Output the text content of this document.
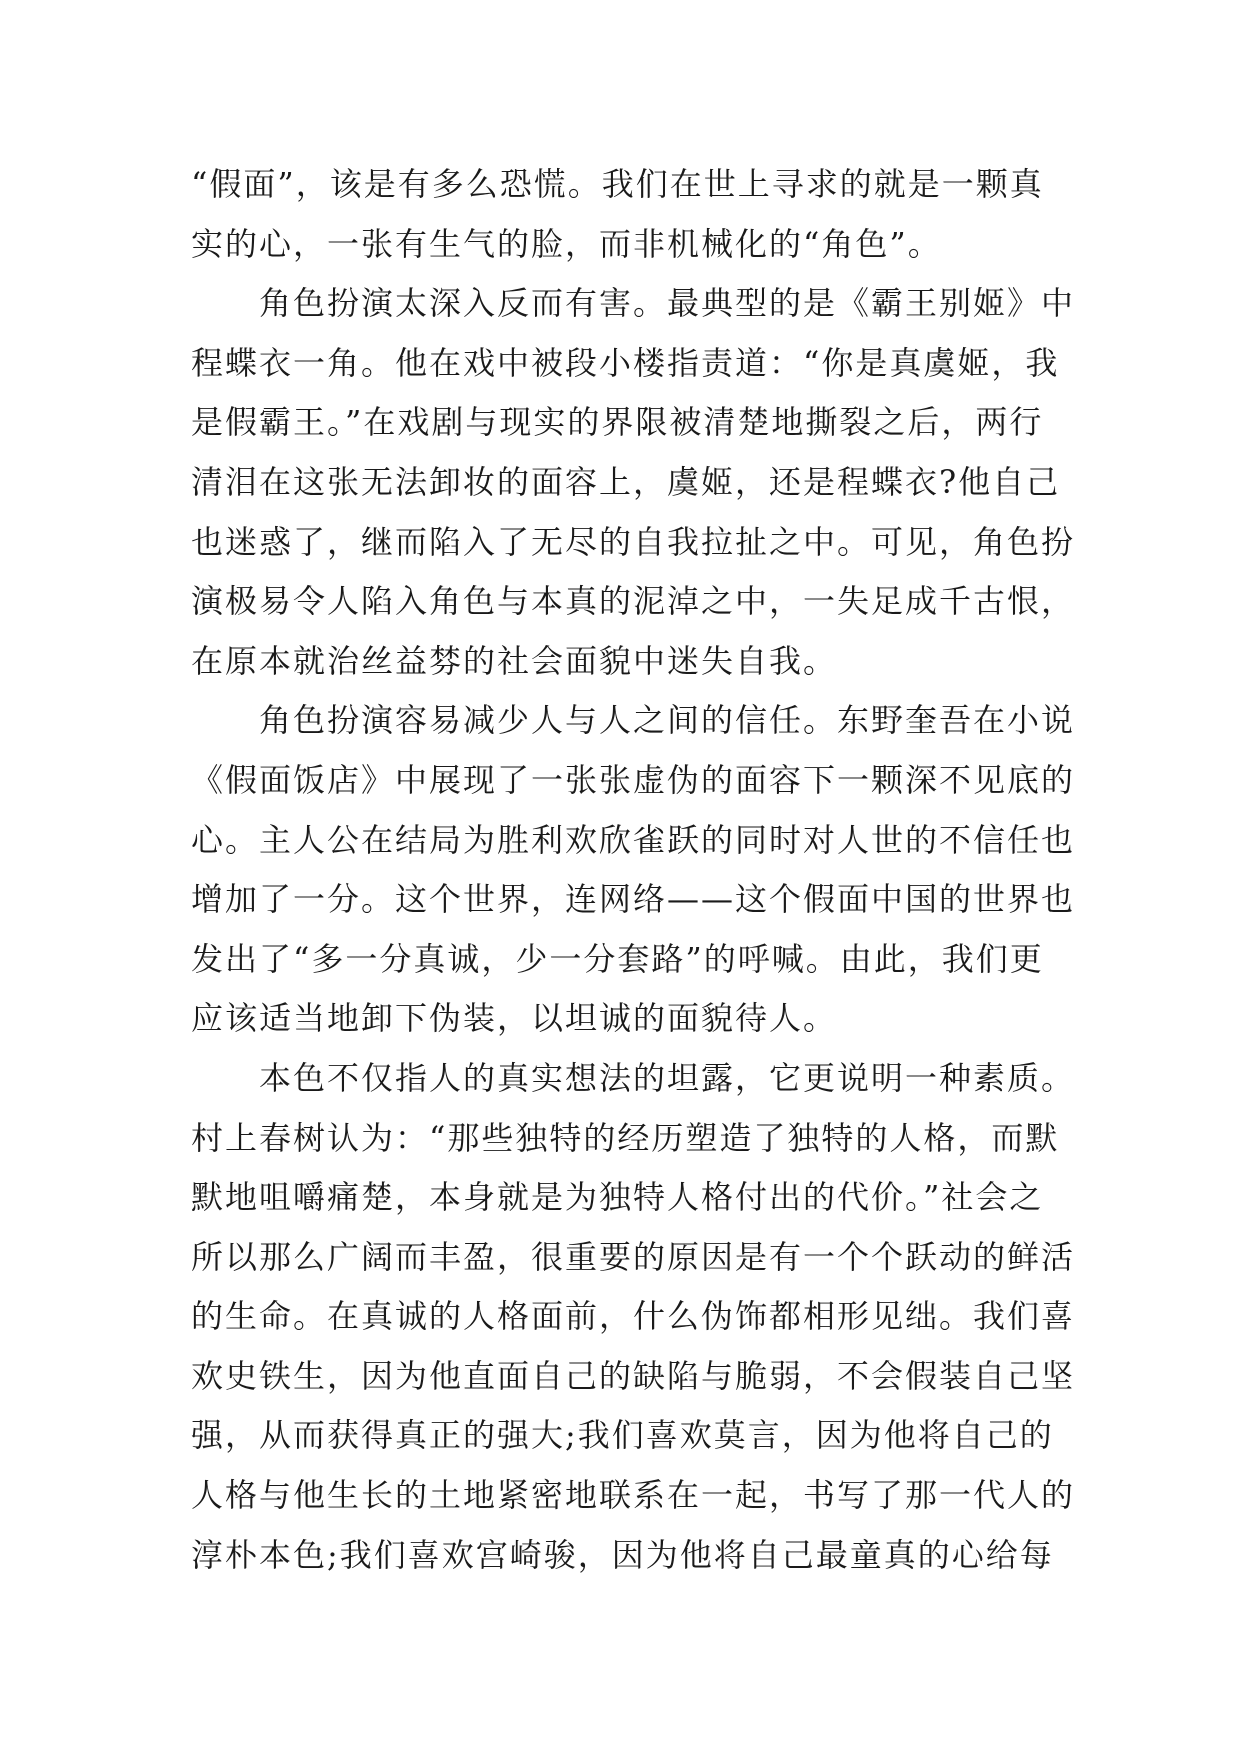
“假面”，该是有多么恐慌。我们在世上寻求的就是一颗真
实的心，一张有生气的脸，而非机械化的“角色”。
　　角色扮演太深入反而有害。最典型的是《霸王别姬》中
程蝶衣一角。他在戏中被段小楼指责道：“你是真虞姬，我
是假霸王。”在戏剧与现实的界限被清楚地撕裂之后，两行
清泪在这张无法卸妆的面容上，虞姬，还是程蝶衣?他自己
也迷惑了，继而陷入了无尽的自我拉扯之中。可见，角色扮
演极易令人陷入角色与本真的泥淖之中，一失足成千古恨，
在原本就治丝益棼的社会面貌中迷失自我。
　　角色扮演容易减少人与人之间的信任。东野奎吾在小说
《假面饭店》中展现了一张张虚伪的面容下一颗深不见底的
心。主人公在结局为胜利欢欣雀跃的同时对人世的不信任也
增加了一分。这个世界，连网络——这个假面中国的世界也
发出了“多一分真诚，少一分套路”的呼喊。由此，我们更
应该适当地卸下伪装，以坦诚的面貌待人。
　　本色不仅指人的真实想法的坦露，它更说明一种素质。
村上春树认为：“那些独特的经历塑造了独特的人格，而默
默地咀嚼痛楚，本身就是为独特人格付出的代价。”社会之
所以那么广阔而丰盈，很重要的原因是有一个个跃动的鲜活
的生命。在真诚的人格面前，什么伪饰都相形见绌。我们喜
欢史铁生，因为他直面自己的缺陷与脆弱，不会假装自己坚
强，从而获得真正的强大;我们喜欢莫言，因为他将自己的
人格与他生长的土地紧密地联系在一起，书写了那一代人的
淳朴本色;我们喜欢宫崎骏，因为他将自己最童真的心给每
